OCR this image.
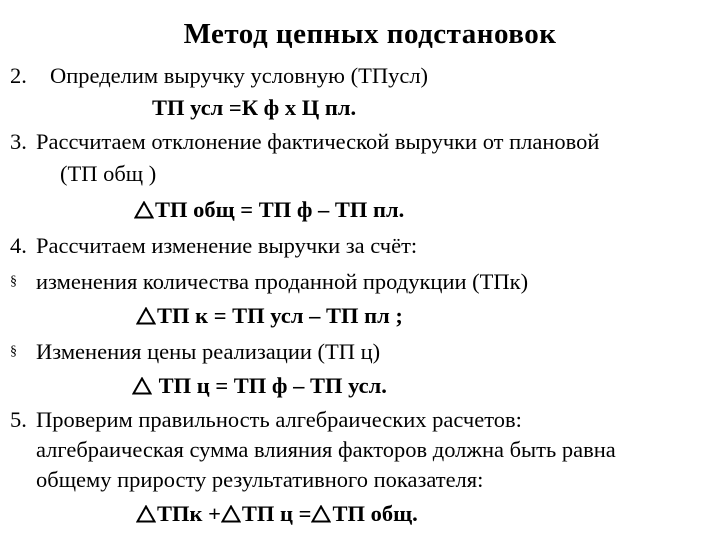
Метод цепных подстановок
2. Определим выручку условную (ТПусл)
ТП усл =К ф х Ц пл.
3. Рассчитаем отклонение фактической выручки от плановой
(ТП общ )
ТП общ = ТП ф – ТП пл.
4. Рассчитаем изменение выручки за счёт:
§ изменения количества проданной продукции (ТПк)
ТП к = ТП усл – ТП пл ;
§ Изменения цены реализации (ТП ц)
ТП ц = ТП ф – ТП усл.
5. Проверим правильность алгебраических расчетов:
алгебраическая сумма влияния факторов должна быть равна
общему приросту результативного показателя:
ТПк + ТП ц = ТП общ.
